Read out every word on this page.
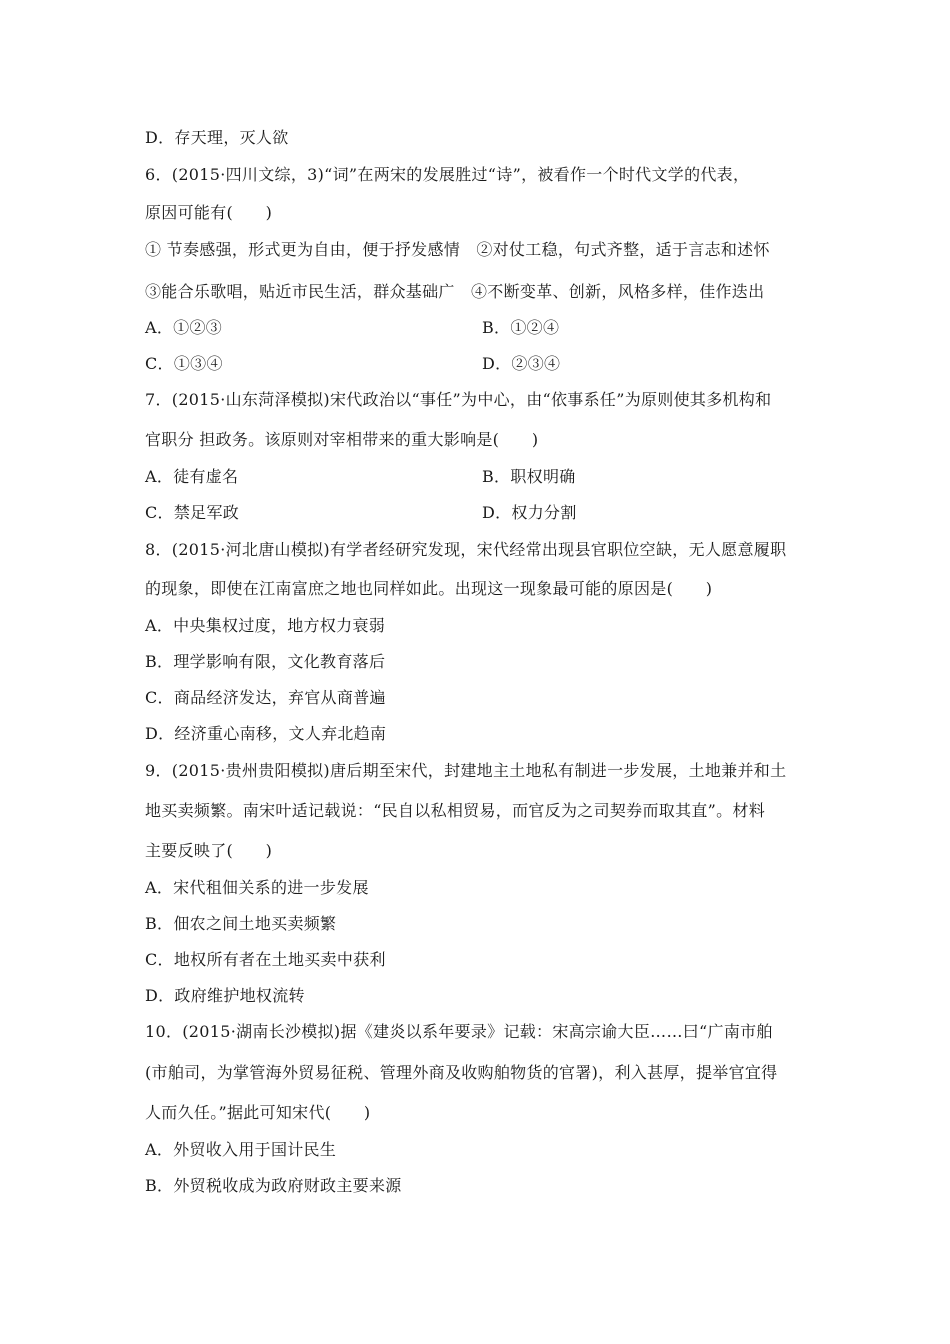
D．存天理，灭人欲
6．(2015·四川文综，3)“词”在两宋的发展胜过“诗”，被看作一个时代文学的代表，
原因可能有(　　)
① 节奏感强，形式更为自由，便于抒发感情　②对仗工稳，句式齐整，适于言志和述怀
③能合乐歌唱，贴近市民生活，群众基础广　④不断变革、创新，风格多样，佳作迭出
A．①②③	B．①②④
C．①③④	D．②③④
7．(2015·山东菏泽模拟)宋代政治以“事任”为中心，由“依事系任”为原则使其多机构和
官职分 担政务。该原则对宰相带来的重大影响是(　　)
A．徒有虚名	B．职权明确
C．禁足军政	D．权力分割
8．(2015·河北唐山模拟)有学者经研究发现，宋代经常出现县官职位空缺，无人愿意履职
的现象，即使在江南富庶之地也同样如此。出现这一现象最可能的原因是(　　)
A．中央集权过度，地方权力衰弱
B．理学影响有限，文化教育落后
C．商品经济发达，弃官从商普遍
D．经济重心南移，文人弃北趋南
9．(2015·贵州贵阳模拟)唐后期至宋代，封建地主土地私有制进一步发展，土地兼并和土
地买卖频繁。南宋叶适记载说：“民自以私相贸易，而官反为之司契券而取其直”。材料
主要反映了(　　)
A．宋代租佃关系的进一步发展
B．佃农之间土地买卖频繁
C．地权所有者在土地买卖中获利
D．政府维护地权流转
10．(2015·湖南长沙模拟)据《建炎以系年要录》记载：宋高宗谕大臣……曰“广南市舶
(市舶司，为掌管海外贸易征税、管理外商及收购舶物货的官署)，利入甚厚，提举官宜得
人而久任。”据此可知宋代(　　)
A．外贸收入用于国计民生
B．外贸税收成为政府财政主要来源
